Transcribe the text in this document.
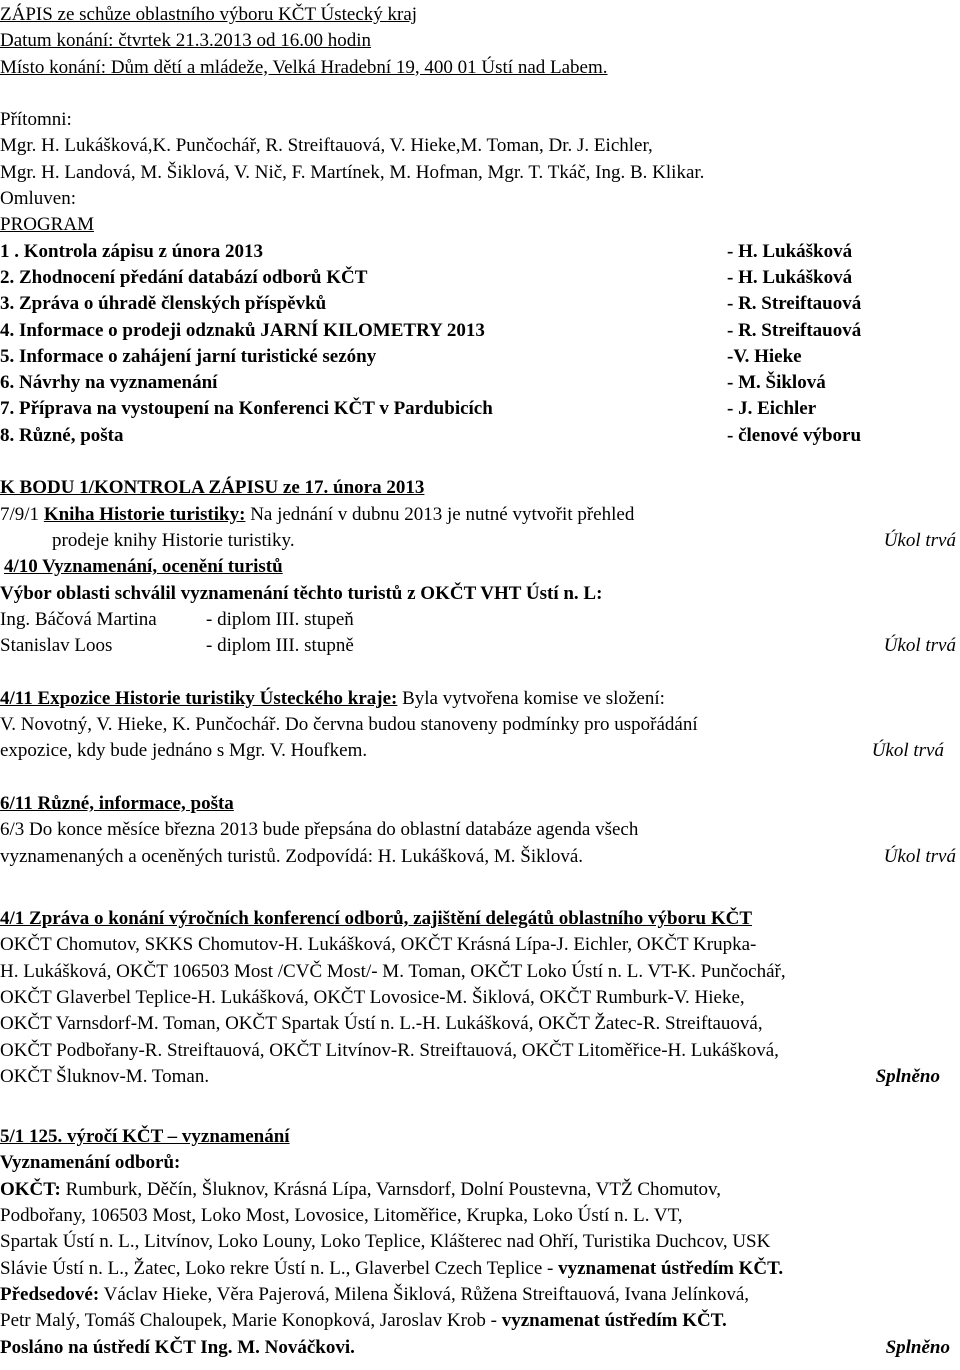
ZÁPIS ze schůze oblastního výboru KČT Ústecký kraj
Datum konání: čtvrtek 21.3.2013 od 16.00 hodin
Místo konání: Dům dětí a mládeže, Velká Hradební 19, 400 01 Ústí nad Labem.
Přítomni:
Mgr. H. Lukášková,K. Punčochář, R. Streiftauová, V. Hieke,M. Toman, Dr. J. Eichler,
Mgr. H. Landová, M. Šiklová, V. Nič, F. Martínek, M. Hofman, Mgr. T. Tkáč, Ing. B. Klikar.
Omluven:
PROGRAM
1 . Kontrola zápisu z února 2013	- H. Lukášková
2. Zhodnocení předání databází odborů KČT	- H. Lukášková
3. Zpráva o úhradě členských příspěvků	- R. Streiftauová
4. Informace o prodeji odznaků JARNÍ KILOMETRY 2013	- R. Streiftauová
5. Informace o zahájení jarní turistické sezóny	-V. Hieke
6. Návrhy na vyznamenání	- M. Šiklová
7. Příprava na vystoupení na Konferenci KČT v Pardubicích	- J. Eichler
8. Různé, pošta	- členové výboru
K BODU 1/KONTROLA ZÁPISU ze 17. února 2013
7/9/1 Kniha Historie turistiky: Na jednání v dubnu 2013 je nutné vytvořit přehled
prodeje knihy Historie turistiky.	Úkol trvá
4/10 Vyznamenání, ocenění turistů
Výbor oblasti schválil vyznamenání těchto turistů z OKČT VHT Ústí n. L:
Ing. Báčová Martina	- diplom III. stupeň
Stanislav Loos	- diplom III. stupně	Úkol trvá
4/11 Expozice Historie turistiky Ústeckého kraje: Byla vytvořena komise ve složení:
V. Novotný, V. Hieke, K. Punčochář. Do června budou stanoveny podmínky pro uspořádání
expozice, kdy bude jednáno s Mgr. V. Houfkem.	Úkol trvá
6/11 Různé, informace, pošta
6/3 Do konce měsíce března 2013 bude přepsána do oblastní databáze agenda všech
vyznamenaných a oceněných turistů. Zodpovídá: H. Lukášková, M. Šiklová.	Úkol trvá
4/1 Zpráva o konání výročních konferencí odborů, zajištění delegátů oblastního výboru KČT
OKČT Chomutov, SKKS Chomutov-H. Lukášková, OKČT Krásná Lípa-J. Eichler, OKČT Krupka-
H. Lukášková, OKČT 106503 Most /CVČ Most/- M. Toman, OKČT Loko Ústí n. L. VT-K. Punčochář,
OKČT Glaverbel Teplice-H. Lukášková, OKČT Lovosice-M. Šiklová, OKČT Rumburk-V. Hieke,
OKČT Varnsdorf-M. Toman, OKČT Spartak Ústí n. L.-H. Lukášková, OKČT Žatec-R. Streiftauová,
OKČT Podbořany-R. Streiftauová, OKČT Litvínov-R. Streiftauová, OKČT Litoměřice-H. Lukášková,
OKČT Šluknov-M. Toman.	Splněno
5/1 125. výročí KČT – vyznamenání
Vyznamenání odborů:
OKČT: Rumburk, Děčín, Šluknov, Krásná Lípa, Varnsdorf, Dolní Poustevna, VTŽ Chomutov,
Podbořany, 106503 Most, Loko Most, Lovosice, Litoměřice, Krupka, Loko Ústí n. L. VT,
Spartak Ústí n. L., Litvínov, Loko Louny, Loko Teplice, Klášterec nad Ohří, Turistika Duchcov, USK
Slávie Ústí n. L., Žatec, Loko rekre Ústí n. L., Glaverbel Czech Teplice - vyznamenat ústředím KČT.
Předsedové: Václav Hieke, Věra Pajerová, Milena Šiklová, Růžena Streiftauová, Ivana Jelínková,
Petr Malý, Tomáš Chaloupek, Marie Konopková, Jaroslav Krob - vyznamenat ústředím KČT.
Posláno na ústředí KČT Ing. M. Nováčkovi.	Splněno
